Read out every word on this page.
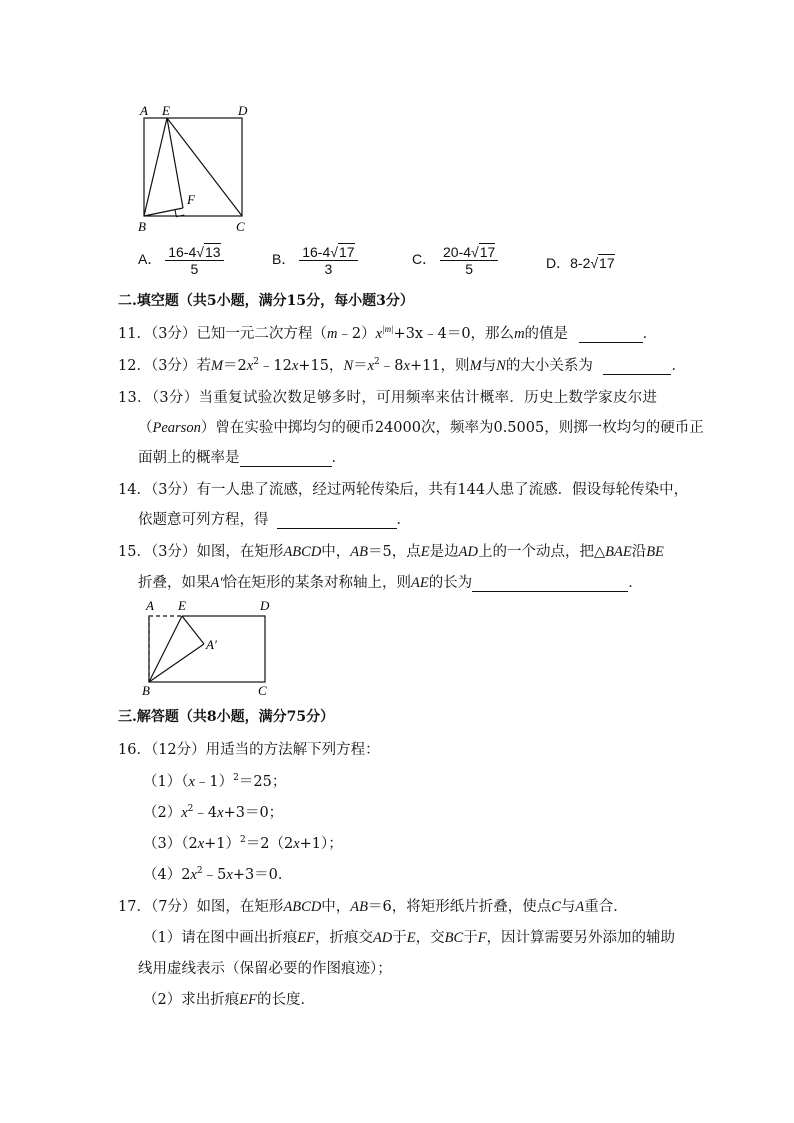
A E	D
F
B	C
A． $\frac{16-4√13}{5}$	B． $\frac{16-4√17}{3}$	C． $\frac{20-4√17}{5}$	D．8-2√17
二.填空题（共5小题，满分15分，每小题3分）
11．（3分）已知一元二次方程$(m﹣2)x^{|m|}+3x﹣4=0$，那么m的值是	．
12．（3分）若$M=2x^2﹣12x+15$，$N=x^2﹣8x+11$，则M与N的大小关系为	．
13．（3分）当重复试验次数足够多时，可用频率来估计概率．历史上数学家皮尔进
（Pearson）曾在实验中掷均匀的硬币24000次，频率为0.5005，则掷一枚均匀的硬币正
面朝上的概率是	．
14．（3分）有一人患了流感，经过两轮传染后，共有144人患了流感．假设每轮传染中，
依题意可列方程，得	．
15．（3分）如图，在矩形ABCD中，AB＝5，点E是边AD上的一个动点，把△BAE沿BE
折叠，如果A'恰在矩形的某条对称轴上，则AE的长为	．
A E	D
A′
B	C
三.解答题（共8小题，满分75分）
16．（12分）用适当的方法解下列方程：
（1）（x﹣1）$^2$＝25；
$(2)x^2﹣4x+3=0$；
$(3)(2x+1)^2=2(2x+1)$；
$(4)2x^2﹣5x+3=0$．
17．（7分）如图，在矩形ABCD中，AB＝6，将矩形纸片折叠，使点C与A重合．
（1）请在图中画出折痕EF，折痕交AD于E，交BC于F，因计算需要另外添加的辅助
线用虚线表示（保留必要的作图痕迹）；
（2）求出折痕EF的长度．
